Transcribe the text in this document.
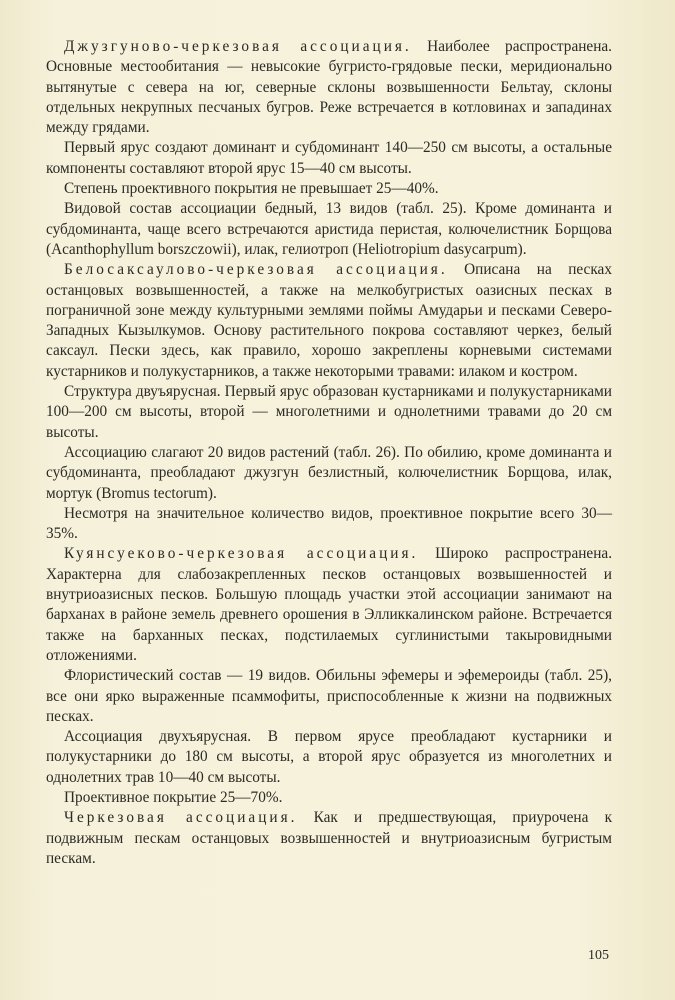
Джузгуново-черкезовая ассоциация. Наиболее распространена. Основные местообитания — невысокие бугристо-грядовые пески, меридионально вытянутые с севера на юг, северные склоны возвышенности Бельтау, склоны отдельных некрупных песчаных бугров. Реже встречается в котловинах и западинах между грядами.

Первый ярус создают доминант и субдоминант 140—250 см высоты, а остальные компоненты составляют второй ярус 15—40 см высоты.

Степень проективного покрытия не превышает 25—40%.

Видовой состав ассоциации бедный, 13 видов (табл. 25). Кроме доминанта и субдоминанта, чаще всего встречаются аристида перистая, колючелистник Борщова (Acanthophyllum borszczowii), илак, гелиотроп (Heliotropium dasycarpum).

Белосаксаулово-черкезовая ассоциация. Описана на песках останцовых возвышенностей, а также на мелкобугристых оазисных песках в пограничной зоне между культурными землями поймы Амударьи и песками Северо-Западных Кызылкумов. Основу растительного покрова составляют черкез, белый саксаул. Пески здесь, как правило, хорошо закреплены корневыми системами кустарников и полукустарников, а также некоторыми травами: илаком и костром.

Структура двуъярусная. Первый ярус образован кустарниками и полукустарниками 100—200 см высоты, второй — многолетними и однолетними травами до 20 см высоты.

Ассоциацию слагают 20 видов растений (табл. 26). По обилию, кроме доминанта и субдоминанта, преобладают джузгун безлистный, колючелистник Борщова, илак, мортук (Bromus tectorum).

Несмотря на значительное количество видов, проективное покрытие всего 30—35%.

Куянсуеково-черкезовая ассоциация. Широко распространена. Характерна для слабозакрепленных песков останцовых возвышенностей и внутриоазисных песков. Большую площадь участки этой ассоциации занимают на барханах в районе земель древнего орошения в Элликкалинском районе. Встречается также на барханных песках, подстилаемых суглинистыми такыровидными отложениями.

Флористический состав — 19 видов. Обильны эфемеры и эфемероиды (табл. 25), все они ярко выраженные псаммофиты, приспособленные к жизни на подвижных песках.

Ассоциация двухъярусная. В первом ярусе преобладают кустарники и полукустарники до 180 см высоты, а второй ярус образуется из многолетних и однолетних трав 10—40 см высоты.

Проективное покрытие 25—70%.

Черкезовая ассоциация. Как и предшествующая, приурочена к подвижным пескам останцовых возвышенностей и внутриоазисным бугристым пескам.

105
